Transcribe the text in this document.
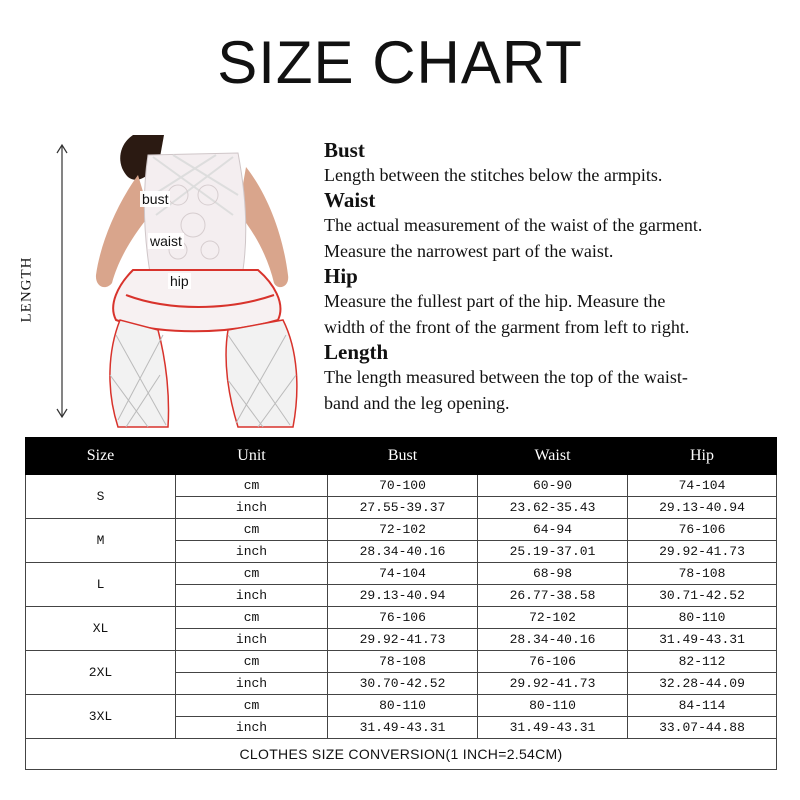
SIZE CHART
LENGTH
bust
waist
hip

Bust

Length between the stitches below the armpits.

Waist

The actual measurement of the waist of the garment.

Measure the narrowest part of the waist.

Hip

Measure the fullest part of the hip. Measure the

width of the front of the garment from left to right.

Length

The length measured between the top of the waist-

band and the leg opening.

Size	Unit	Bust	Waist	Hip
S	cm	70-100	60-90	74-104
	inch	27.55-39.37	23.62-35.43	29.13-40.94
M	cm	72-102	64-94	76-106
	inch	28.34-40.16	25.19-37.01	29.92-41.73
L	cm	74-104	68-98	78-108
	inch	29.13-40.94	26.77-38.58	30.71-42.52
XL	cm	76-106	72-102	80-110
	inch	29.92-41.73	28.34-40.16	31.49-43.31
2XL	cm	78-108	76-106	82-112
	inch	30.70-42.52	29.92-41.73	32.28-44.09
3XL	cm	80-110	80-110	84-114
	inch	31.49-43.31	31.49-43.31	33.07-44.88
CLOTHES SIZE CONVERSION(1 INCH=2.54CM)				
